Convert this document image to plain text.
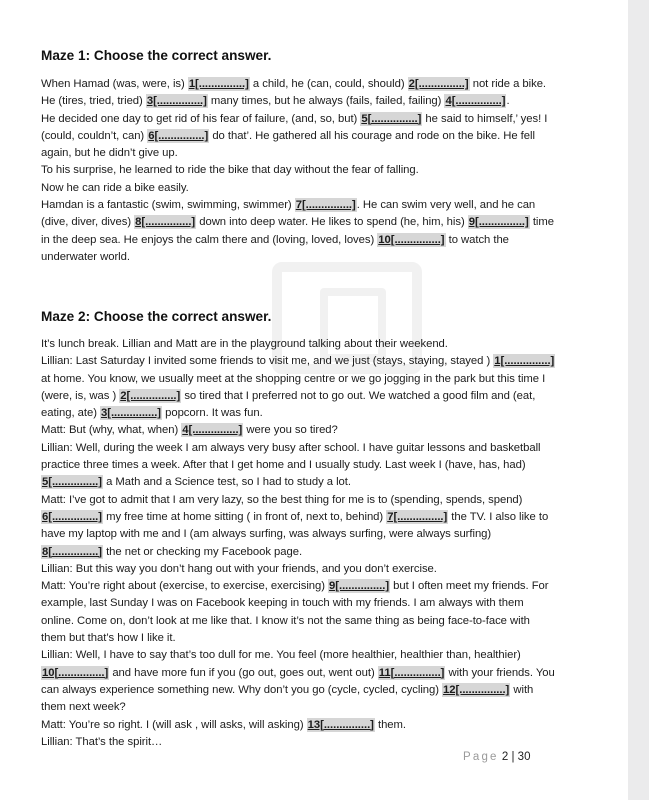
Maze 1: Choose the correct answer.

When Hamad (was, were, is) 1[...............] a child, he (can, could, should) 2[...............] not ride a bike. He (tires, tried, tried) 3[...............] many times, but he always (fails, failed, failing) 4[...............].

He decided one day to get rid of his fear of failure, (and, so, but) 5[...............] he said to himself,’ yes! I (could, couldn’t, can) 6[...............] do that’. He gathered all his courage and rode on the bike. He fell again, but he didn’t give up.

To his surprise, he learned to ride the bike that day without the fear of falling.

Now he can ride a bike easily.

Hamdan is a fantastic (swim, swimming, swimmer) 7[...............]. He can swim very well, and he can (dive, diver, dives) 8[...............] down into deep water. He likes to spend (he, him, his) 9[...............] time in the deep sea. He enjoys the calm there and (loving, loved, loves) 10[...............] to watch the underwater world.

Maze 2: Choose the correct answer.

It’s lunch break. Lillian and Matt are in the playground talking about their weekend.

Lillian: Last Saturday I invited some friends to visit me, and we just (stays, staying, stayed ) 1[...............] at home. You know, we usually meet at the shopping centre or we go jogging in the park but this time I (were, is, was ) 2[...............] so tired that I preferred not to go out. We watched a good film and (eat, eating, ate) 3[...............] popcorn. It was fun.

Matt: But (why, what, when) 4[...............] were you so tired?

Lillian: Well, during the week I am always very busy after school. I have guitar lessons and basketball practice three times a week. After that I get home and I usually study. Last week I (have, has, had) 5[...............] a Math and a Science test, so I had to study a lot.

Matt: I’ve got to admit that I am very lazy, so the best thing for me is to (spending, spends, spend) 6[...............] my free time at home sitting ( in front of, next to, behind) 7[...............] the TV. I also like to have my laptop with me and I (am always surfing, was always surfing, were always surfing) 8[...............] the net or checking my Facebook page.

Lillian: But this way you don’t hang out with your friends, and you don’t exercise.

Matt: You’re right about (exercise, to exercise, exercising) 9[...............] but I often meet my friends. For example, last Sunday I was on Facebook keeping in touch with my friends. I am always with them online. Come on, don’t look at me like that. I know it’s not the same thing as being face-to-face with them but that’s how I like it.

Lillian: Well, I have to say that’s too dull for me. You feel (more healthier, healthier than, healthier) 10[...............] and have more fun if you (go out, goes out, went out) 11[...............] with your friends. You can always experience something new. Why don’t you go (cycle, cycled, cycling) 12[...............] with them next week?

Matt: You’re so right. I (will ask , will asks, will asking) 13[...............] them.

Lillian: That’s the spirit…

Page 2 | 30
